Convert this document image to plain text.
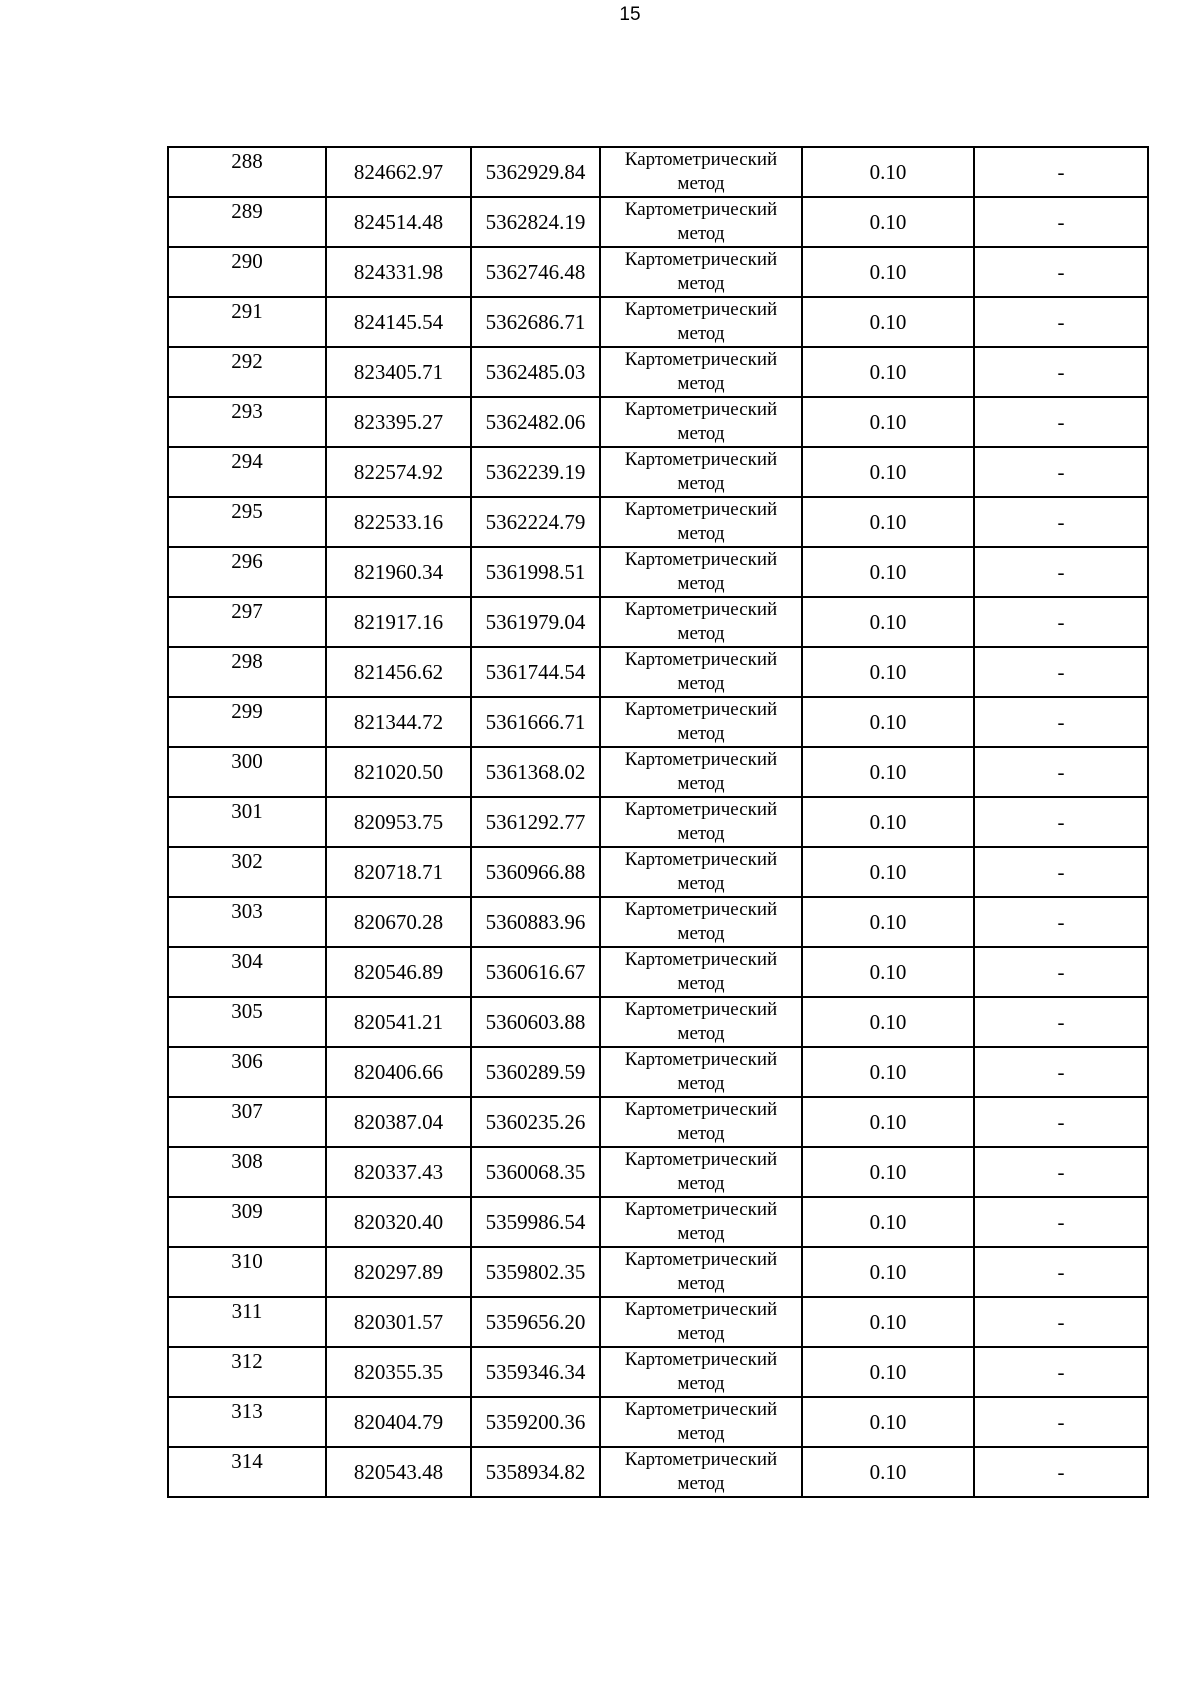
15
288	824662.97	5362929.84	Картометрический метод	0.10	-
289	824514.48	5362824.19	Картометрический метод	0.10	-
290	824331.98	5362746.48	Картометрический метод	0.10	-
291	824145.54	5362686.71	Картометрический метод	0.10	-
292	823405.71	5362485.03	Картометрический метод	0.10	-
293	823395.27	5362482.06	Картометрический метод	0.10	-
294	822574.92	5362239.19	Картометрический метод	0.10	-
295	822533.16	5362224.79	Картометрический метод	0.10	-
296	821960.34	5361998.51	Картометрический метод	0.10	-
297	821917.16	5361979.04	Картометрический метод	0.10	-
298	821456.62	5361744.54	Картометрический метод	0.10	-
299	821344.72	5361666.71	Картометрический метод	0.10	-
300	821020.50	5361368.02	Картометрический метод	0.10	-
301	820953.75	5361292.77	Картометрический метод	0.10	-
302	820718.71	5360966.88	Картометрический метод	0.10	-
303	820670.28	5360883.96	Картометрический метод	0.10	-
304	820546.89	5360616.67	Картометрический метод	0.10	-
305	820541.21	5360603.88	Картометрический метод	0.10	-
306	820406.66	5360289.59	Картометрический метод	0.10	-
307	820387.04	5360235.26	Картометрический метод	0.10	-
308	820337.43	5360068.35	Картометрический метод	0.10	-
309	820320.40	5359986.54	Картометрический метод	0.10	-
310	820297.89	5359802.35	Картометрический метод	0.10	-
311	820301.57	5359656.20	Картометрический метод	0.10	-
312	820355.35	5359346.34	Картометрический метод	0.10	-
313	820404.79	5359200.36	Картометрический метод	0.10	-
314	820543.48	5358934.82	Картометрический метод	0.10	-
